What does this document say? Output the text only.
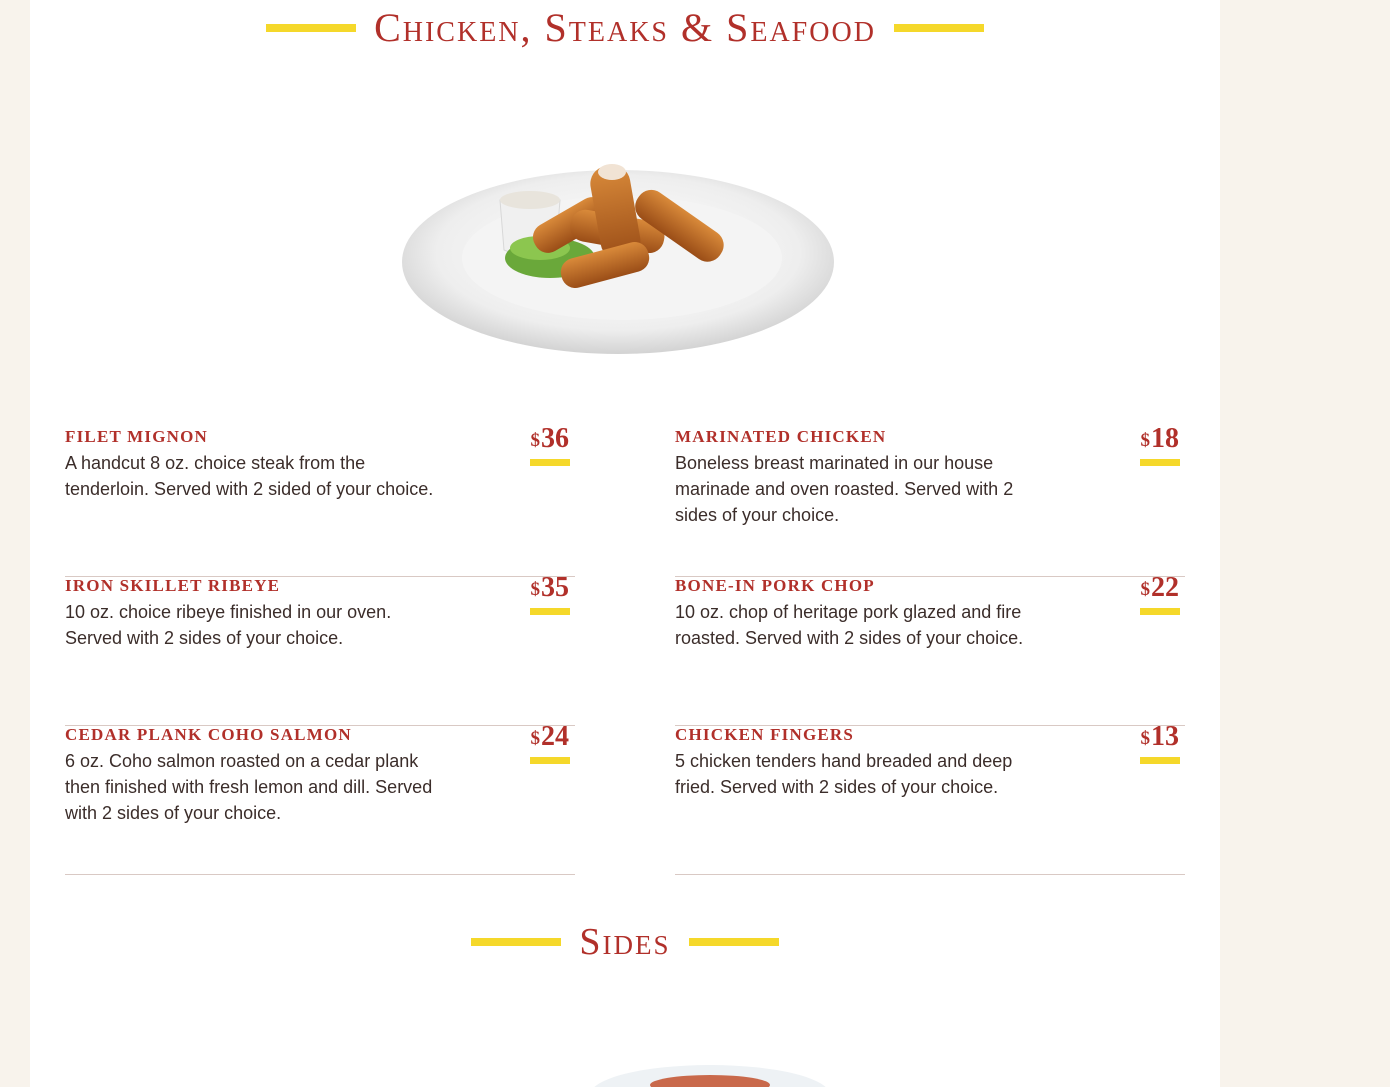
Chicken, Steaks & Seafood
FILET MIGNON
A handcut 8 oz. choice steak from the tenderloin. Served with 2 sided of your choice.
$36	MARINATED CHICKEN
Boneless breast marinated in our house marinade and oven roasted. Served with 2 sides of your choice.
$18
IRON SKILLET RIBEYE
10 oz. choice ribeye finished in our oven. Served with 2 sides of your choice.
$35	BONE-IN PORK CHOP
10 oz. chop of heritage pork glazed and fire roasted. Served with 2 sides of your choice.
$22
CEDAR PLANK COHO SALMON
6 oz. Coho salmon roasted on a cedar plank then finished with fresh lemon and dill. Served with 2 sides of your choice.
$24	CHICKEN FINGERS
5 chicken tenders hand breaded and deep fried. Served with 2 sides of your choice.
$13
Sides
